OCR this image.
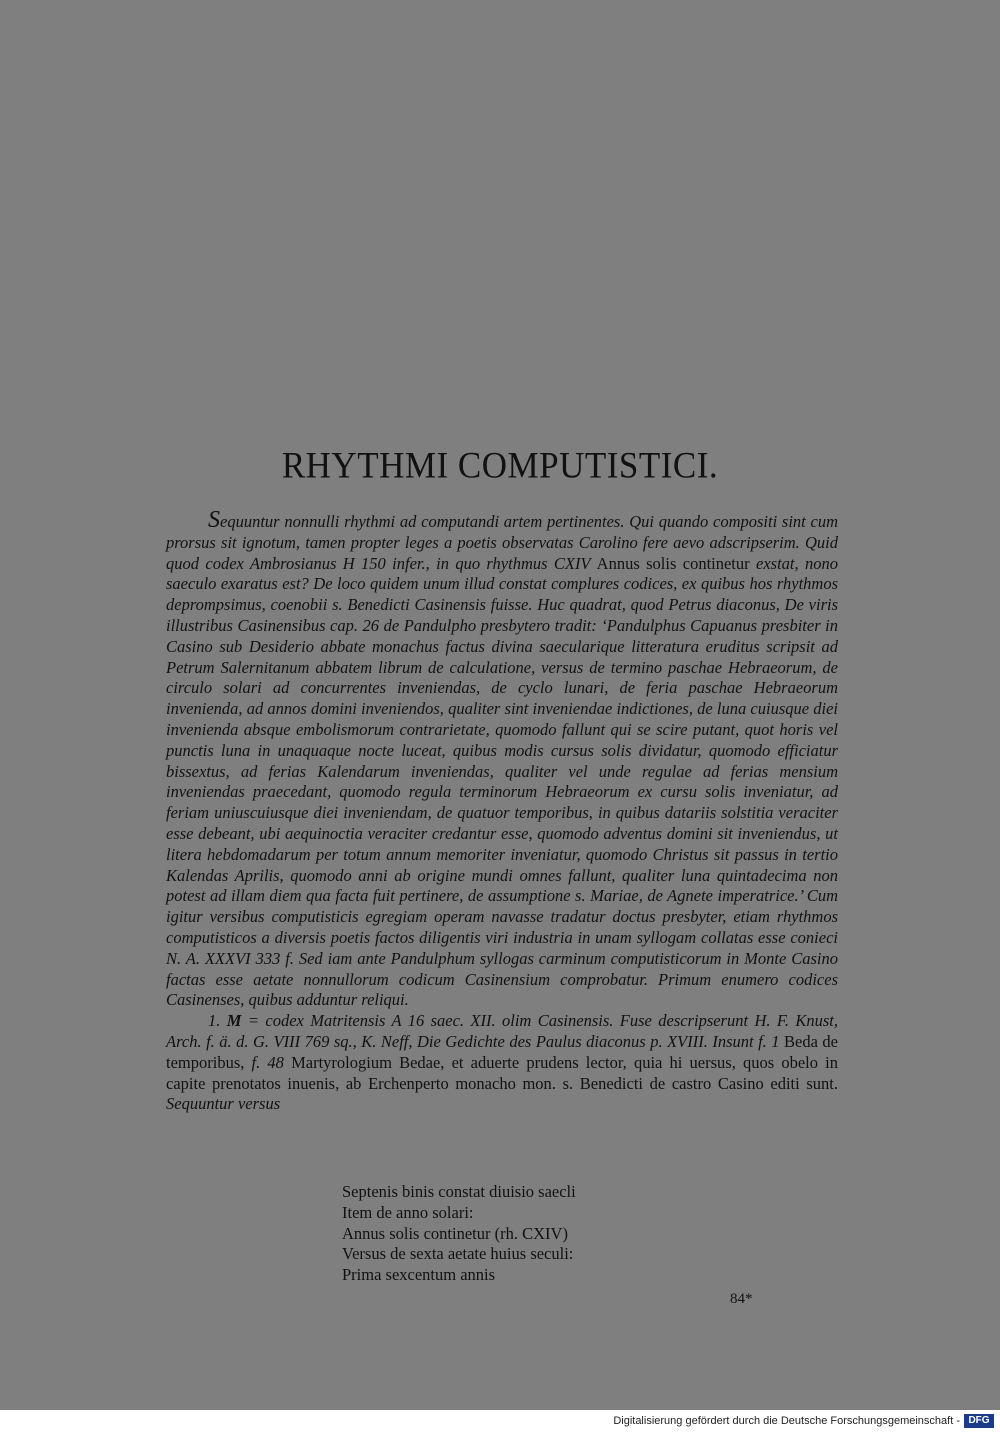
RHYTHMI COMPUTISTICI.

Sequuntur nonnulli rhythmi ad computandi artem pertinentes. Qui quando compositi sint cum prorsus sit ignotum, tamen propter leges a poetis observatas Carolino fere aevo adscripserim. Quid quod codex Ambrosianus H 150 infer., in quo rhythmus CXIV Annus solis continetur exstat, nono saeculo exaratus est? De loco quidem unum illud constat complures codices, ex quibus hos rhythmos deprompsimus, coenobii s. Benedicti Casinensis fuisse. Huc quadrat, quod Petrus diaconus, De viris illustribus Casinensibus cap. 26 de Pandulpho presbytero tradit: ‘Pandulphus Capuanus presbiter in Casino sub Desiderio abbate monachus factus divina saecularique litteratura eruditus scripsit ad Petrum Salernitanum abbatem librum de calculatione, versus de termino paschae Hebraeorum, de circulo solari ad concurrentes inveniendas, de cyclo lunari, de feria paschae Hebraeorum invenienda, ad annos domini inveniendos, qualiter sint inveniendae indictiones, de luna cuiusque diei invenienda absque embolismorum contrarietate, quomodo fallunt qui se scire putant, quot horis vel punctis luna in unaquaque nocte luceat, quibus modis cursus solis dividatur, quomodo efficiatur bissextus, ad ferias Kalendarum inveniendas, qualiter vel unde regulae ad ferias mensium inveniendas praecedant, quomodo regula terminorum Hebraeorum ex cursu solis inveniatur, ad feriam uniuscuiusque diei inveniendam, de quatuor temporibus, in quibus datariis solstitia veraciter esse debeant, ubi aequinoctia veraciter credantur esse, quomodo adventus domini sit inveniendus, ut litera hebdomadarum per totum annum memoriter inveniatur, quomodo Christus sit passus in tertio Kalendas Aprilis, quomodo anni ab origine mundi omnes fallunt, qualiter luna quintadecima non potest ad illam diem qua facta fuit pertinere, de assumptione s. Mariae, de Agnete imperatrice.’ Cum igitur versibus computisticis egregiam operam navasse tradatur doctus presbyter, etiam rhythmos computisticos a diversis poetis factos diligentis viri industria in unam syllogam collatas esse conieci N. A. XXXVI 333 f. Sed iam ante Pandulphum syllogas carminum computisticorum in Monte Casino factas esse aetate nonnullorum codicum Casinensium comprobatur. Primum enumero codices Casinenses, quibus adduntur reliqui.

1. M = codex Matritensis A 16 saec. XII. olim Casinensis. Fuse descripserunt H. F. Knust, Arch. f. ä. d. G. VIII 769 sq., K. Neff, Die Gedichte des Paulus diaconus p. XVIII. Insunt f. 1 Beda de temporibus, f. 48 Martyrologium Bedae, et aduerte prudens lector, quia hi uersus, quos obelo in capite prenotatos inuenis, ab Erchenperto monacho mon. s. Benedicti de castro Casino editi sunt. Sequuntur versus

Septenis binis constat diuisio saecli
Item de anno solari:
Annus solis continetur (rh. CXIV)
Versus de sexta aetate huius seculi:
Prima sexcentum annis
84*
Digitalisierung gefördert durch die Deutsche Forschungsgemeinschaft - DFG
